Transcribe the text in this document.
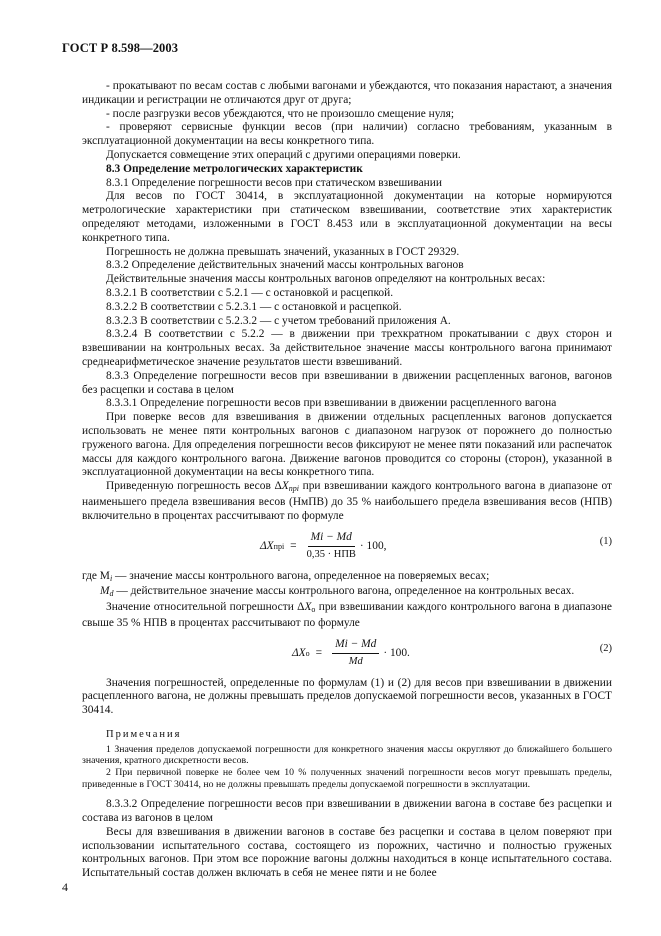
ГОСТ Р 8.598—2003

- прокатывают по весам состав с любыми вагонами и убеждаются, что показания нарастают, а значения индикации и регистрации не отличаются друг от друга;

- после разгрузки весов убеждаются, что не произошло смещение нуля;

- проверяют сервисные функции весов (при наличии) согласно требованиям, указанным в эксплуатационной документации на весы конкретного типа.

Допускается совмещение этих операций с другими операциями поверки.

8.3 Определение метрологических характеристик

8.3.1 Определение погрешности весов при статическом взвешивании

Для весов по ГОСТ 30414, в эксплуатационной документации на которые нормируются метрологические характеристики при статическом взвешивании, соответствие этих характеристик определяют методами, изложенными в ГОСТ 8.453 или в эксплуатационной документации на весы конкретного типа.

Погрешность не должна превышать значений, указанных в ГОСТ 29329.

8.3.2 Определение действительных значений массы контрольных вагонов

Действительные значения массы контрольных вагонов определяют на контрольных весах:

8.3.2.1 В соответствии с 5.2.1 — с остановкой и расцепкой.

8.3.2.2 В соответствии с 5.2.3.1 — с остановкой и расцепкой.

8.3.2.3 В соответствии с 5.2.3.2 — с учетом требований приложения А.

8.3.2.4 В соответствии с 5.2.2 — в движении при трехкратном прокатывании с двух сторон и взвешивании на контрольных весах. За действительное значение массы контрольного вагона принимают среднеарифметическое значение результатов шести взвешиваний.

8.3.3 Определение погрешности весов при взвешивании в движении расцепленных вагонов, вагонов без расцепки и состава в целом

8.3.3.1 Определение погрешности весов при взвешивании в движении расцепленного вагона

При поверке весов для взвешивания в движении отдельных расцепленных вагонов допускается использовать не менее пяти контрольных вагонов с диапазоном нагрузок от порожнего до полностью груженого вагона. Для определения погрешности весов фиксируют не менее пяти показаний или распечаток массы для каждого контрольного вагона. Движение вагонов проводится со стороны (сторон), указанной в эксплуатационной документации на весы конкретного типа.

Приведенную погрешность весов $\Delta X_{прi}$ при взвешивании каждого контрольного вагона в диапазоне от наименьшего предела взвешивания весов (НмПВ) до 35 % наибольшего предела взвешивания весов (НПВ) включительно в процентах рассчитывают по формуле

ΔX прi = $\frac{Mi - Md}{\text{0,35 · НПВ}} \cdot 100$,	(1)

где $M_i$ — значение массы контрольного вагона, определенное на поверяемых весах;

$M_d$ — действительное значение массы контрольного вагона, определенное на контрольных весах.

Значение относительной погрешности $\Delta X_о$ при взвешивании каждого контрольного вагона в диапазоне свыше 35 % НПВ в процентах рассчитывают по формуле

ΔX $о = \frac{Mi - Md}{Md} \cdot 100$.	(2)

Значения погрешностей, определенные по формулам (1) и (2) для весов при взвешивании в движении расцепленного вагона, не должны превышать пределов допускаемой погрешности весов, указанных в ГОСТ 30414.

Примечания

1 Значения пределов допускаемой погрешности для конкретного значения массы округляют до ближайшего большего значения, кратного дискретности весов.

2 При первичной поверке не более чем 10 % полученных значений погрешности весов могут превышать пределы, приведенные в ГОСТ 30414, но не должны превышать пределы допускаемой погрешности в эксплуатации.

8.3.3.2 Определение погрешности весов при взвешивании в движении вагона в составе без расцепки и состава из вагонов в целом

Весы для взвешивания в движении вагонов в составе без расцепки и состава в целом поверяют при использовании испытательного состава, состоящего из порожних, частично и полностью груженых контрольных вагонов. При этом все порожние вагоны должны находиться в конце испытательного состава. Испытательный состав должен включать в себя не менее пяти и не более

4
